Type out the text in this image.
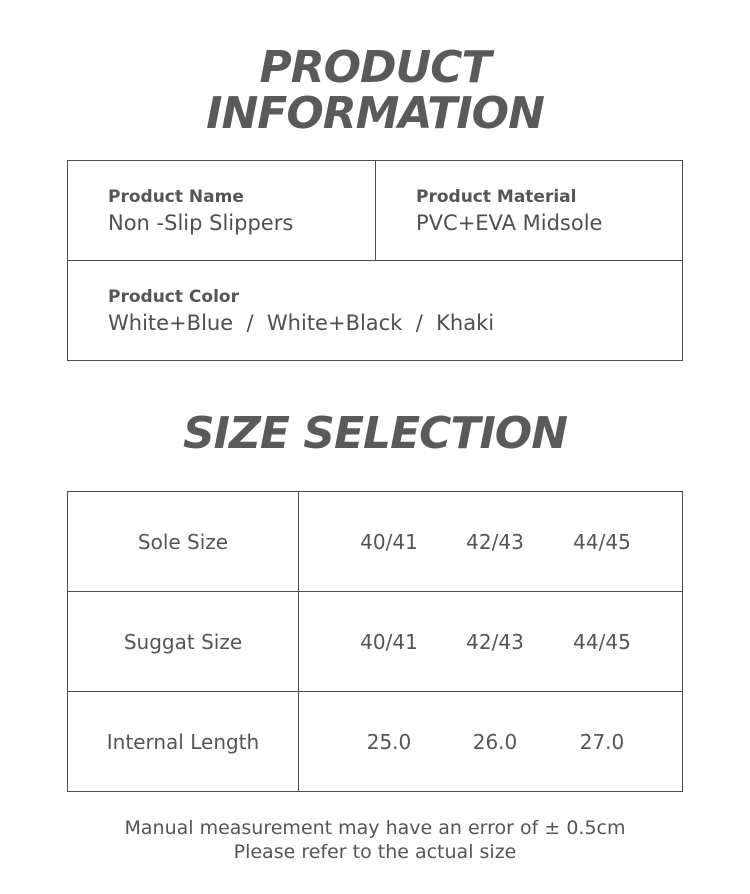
PRODUCT
INFORMATION
Product Name
Non -Slip Slippers
Product Material
PVC+EVA Midsole
Product Color
White+Blue  /  White+Black  /  Khaki
SIZE SELECTION
Sole Size	40/41	42/43	44/45
Suggat Size	40/41	42/43	44/45
Internal Length	25.0	26.0	27.0
Manual measurement may have an error of ± 0.5cm
Please refer to the actual size
